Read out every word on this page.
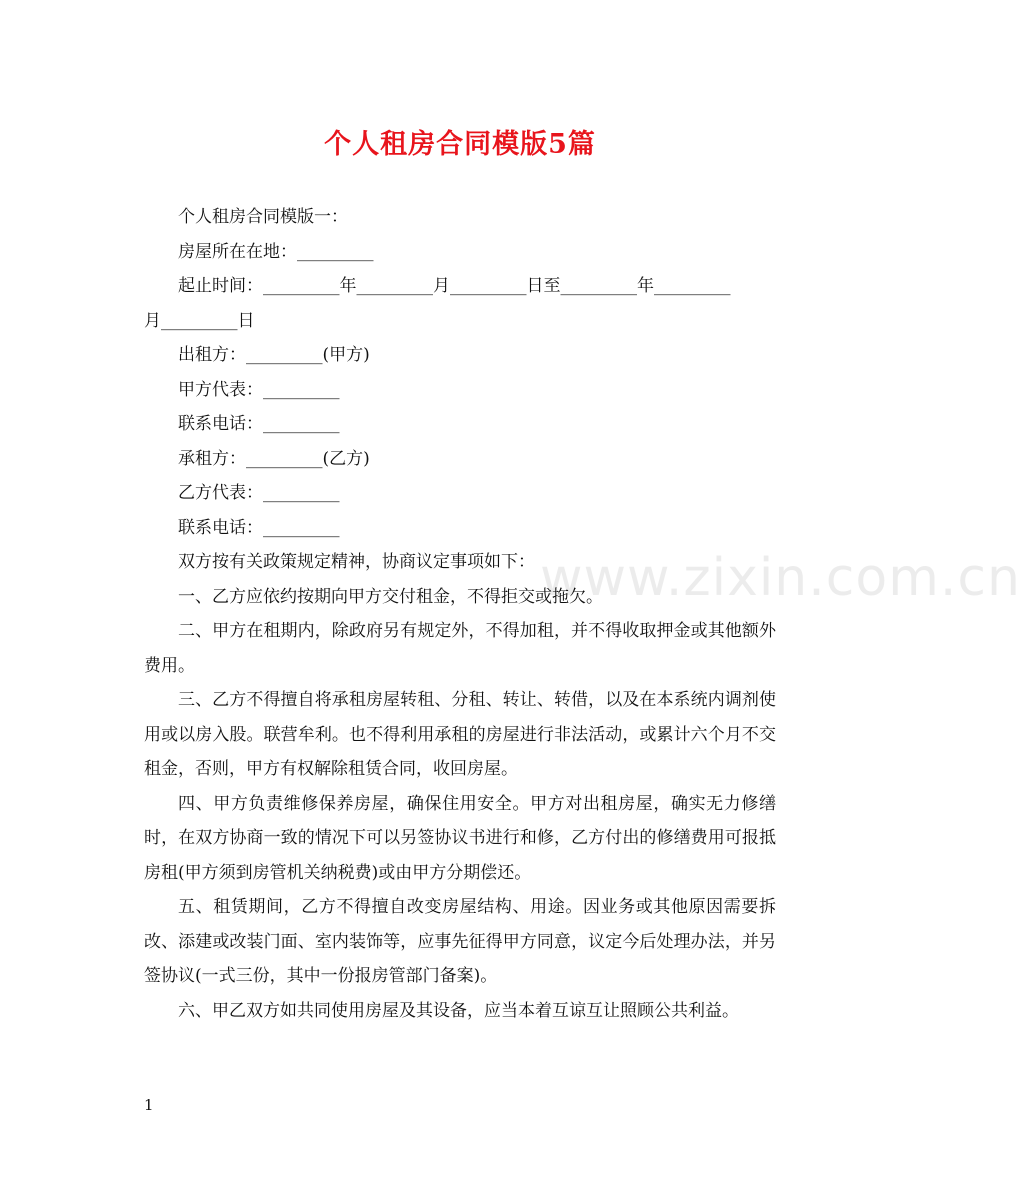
个人租房合同模版5篇
www.zixin.com.cn
个人租房合同模版一：
房屋所在在地：_________
起止时间：_________年_________月_________日至_________年_________
月_________日
出租方：_________(甲方)
甲方代表：_________
联系电话：_________
承租方：_________(乙方)
乙方代表：_________
联系电话：_________
双方按有关政策规定精神，协商议定事项如下：
一、乙方应依约按期向甲方交付租金，不得拒交或拖欠。
二、甲方在租期内，除政府另有规定外，不得加租，并不得收取押金或其他额外费用。
三、乙方不得擅自将承租房屋转租、分租、转让、转借，以及在本系统内调剂使用或以房入股。联营牟利。也不得利用承租的房屋进行非法活动，或累计六个月不交租金，否则，甲方有权解除租赁合同，收回房屋。
四、甲方负责维修保养房屋，确保住用安全。甲方对出租房屋，确实无力修缮时，在双方协商一致的情况下可以另签协议书进行和修，乙方付出的修缮费用可报抵房租(甲方须到房管机关纳税费)或由甲方分期偿还。
五、租赁期间，乙方不得擅自改变房屋结构、用途。因业务或其他原因需要拆改、添建或改装门面、室内装饰等，应事先征得甲方同意，议定今后处理办法，并另签协议(一式三份，其中一份报房管部门备案)。
六、甲乙双方如共同使用房屋及其设备，应当本着互谅互让照顾公共利益。
1
